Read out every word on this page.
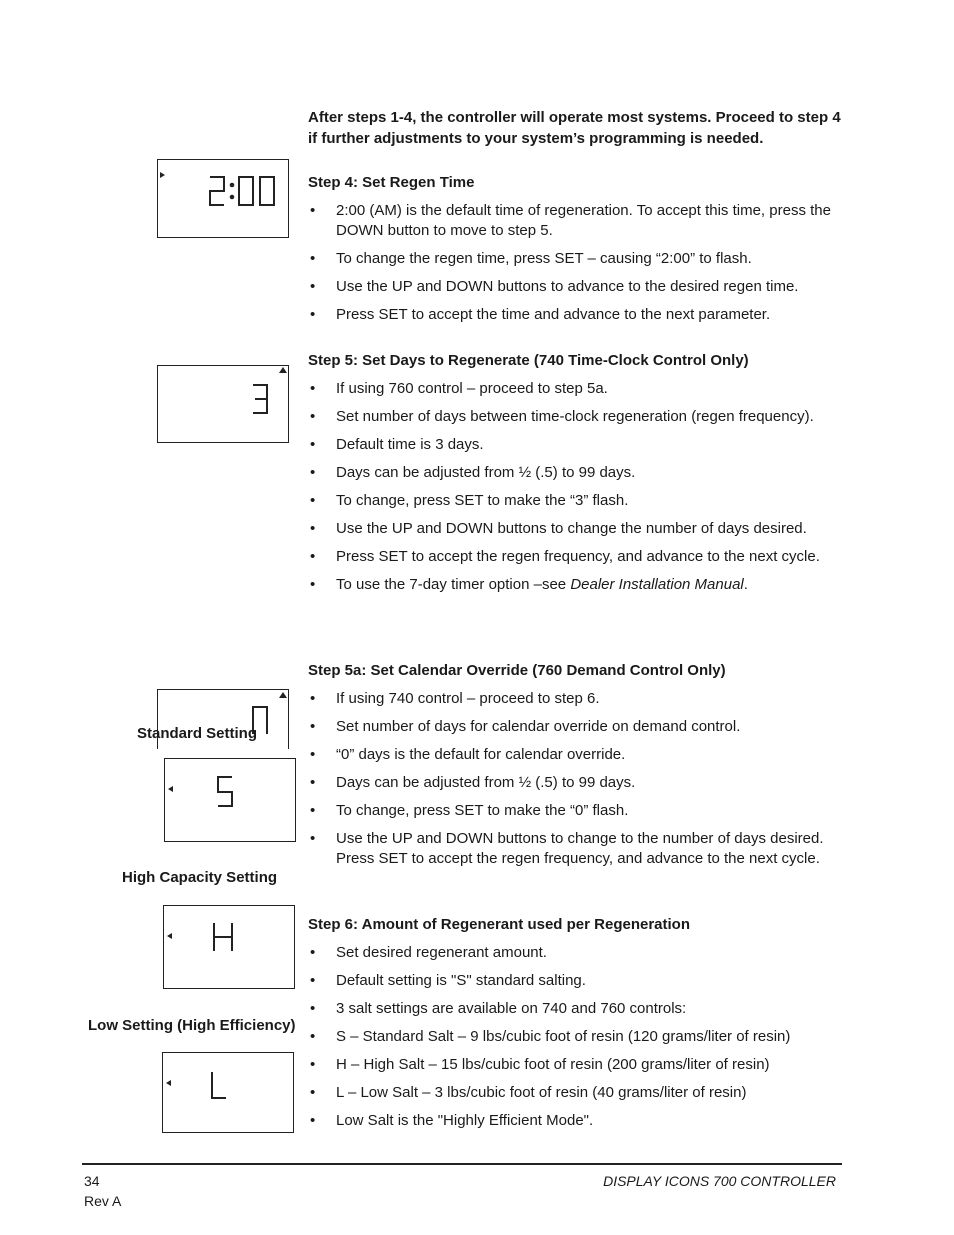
After steps 1-4, the controller will operate most systems. Proceed to step 4 if further adjustments to your system’s programming is needed.

Step 4: Set Regen Time

• 2:00 (AM) is the default time of regeneration. To accept this time, press the DOWN button to move to step 5.
• To change the regen time, press SET – causing “2:00” to flash.
• Use the UP and DOWN buttons to advance to the desired regen time.
• Press SET to accept the time and advance to the next parameter.

Step 5: Set Days to Regenerate (740 Time-Clock Control Only)

• If using 760 control – proceed to step 5a.
• Set number of days between time-clock regeneration (regen frequency).
• Default time is 3 days.
• Days can be adjusted from ½ (.5) to 99 days.
• To change, press SET to make the “3” flash.
• Use the UP and DOWN buttons to change the number of days desired.
• Press SET to accept the regen frequency, and advance to the next cycle.
• To use the 7-day timer option –see Dealer Installation Manual.

Step 5a: Set Calendar Override (760 Demand Control Only)

• If using 740 control – proceed to step 6.
• Set number of days for calendar override on demand control.
• “0” days is the default for calendar override.
• Days can be adjusted from ½ (.5) to 99 days.
• To change, press SET to make the “0” flash.
• Use the UP and DOWN buttons to change to the number of days desired. Press SET to accept the regen frequency, and advance to the next cycle.

Step 6: Amount of Regenerant used per Regeneration

• Set desired regenerant amount.
• Default setting is "S" standard salting.
• 3 salt settings are available on 740 and 760 controls:
• S – Standard Salt – 9 lbs/cubic foot of resin (120 grams/liter of resin)
• H – High Salt – 15 lbs/cubic foot of resin (200 grams/liter of resin)
• L – Low Salt – 3 lbs/cubic foot of resin (40 grams/liter of resin)
• Low Salt is the "Highly Efficient Mode".
Standard Setting
High Capacity Setting
Low Setting (High Efficiency)
34
Rev A
DISPLAY ICONS 700 CONTROLLER
